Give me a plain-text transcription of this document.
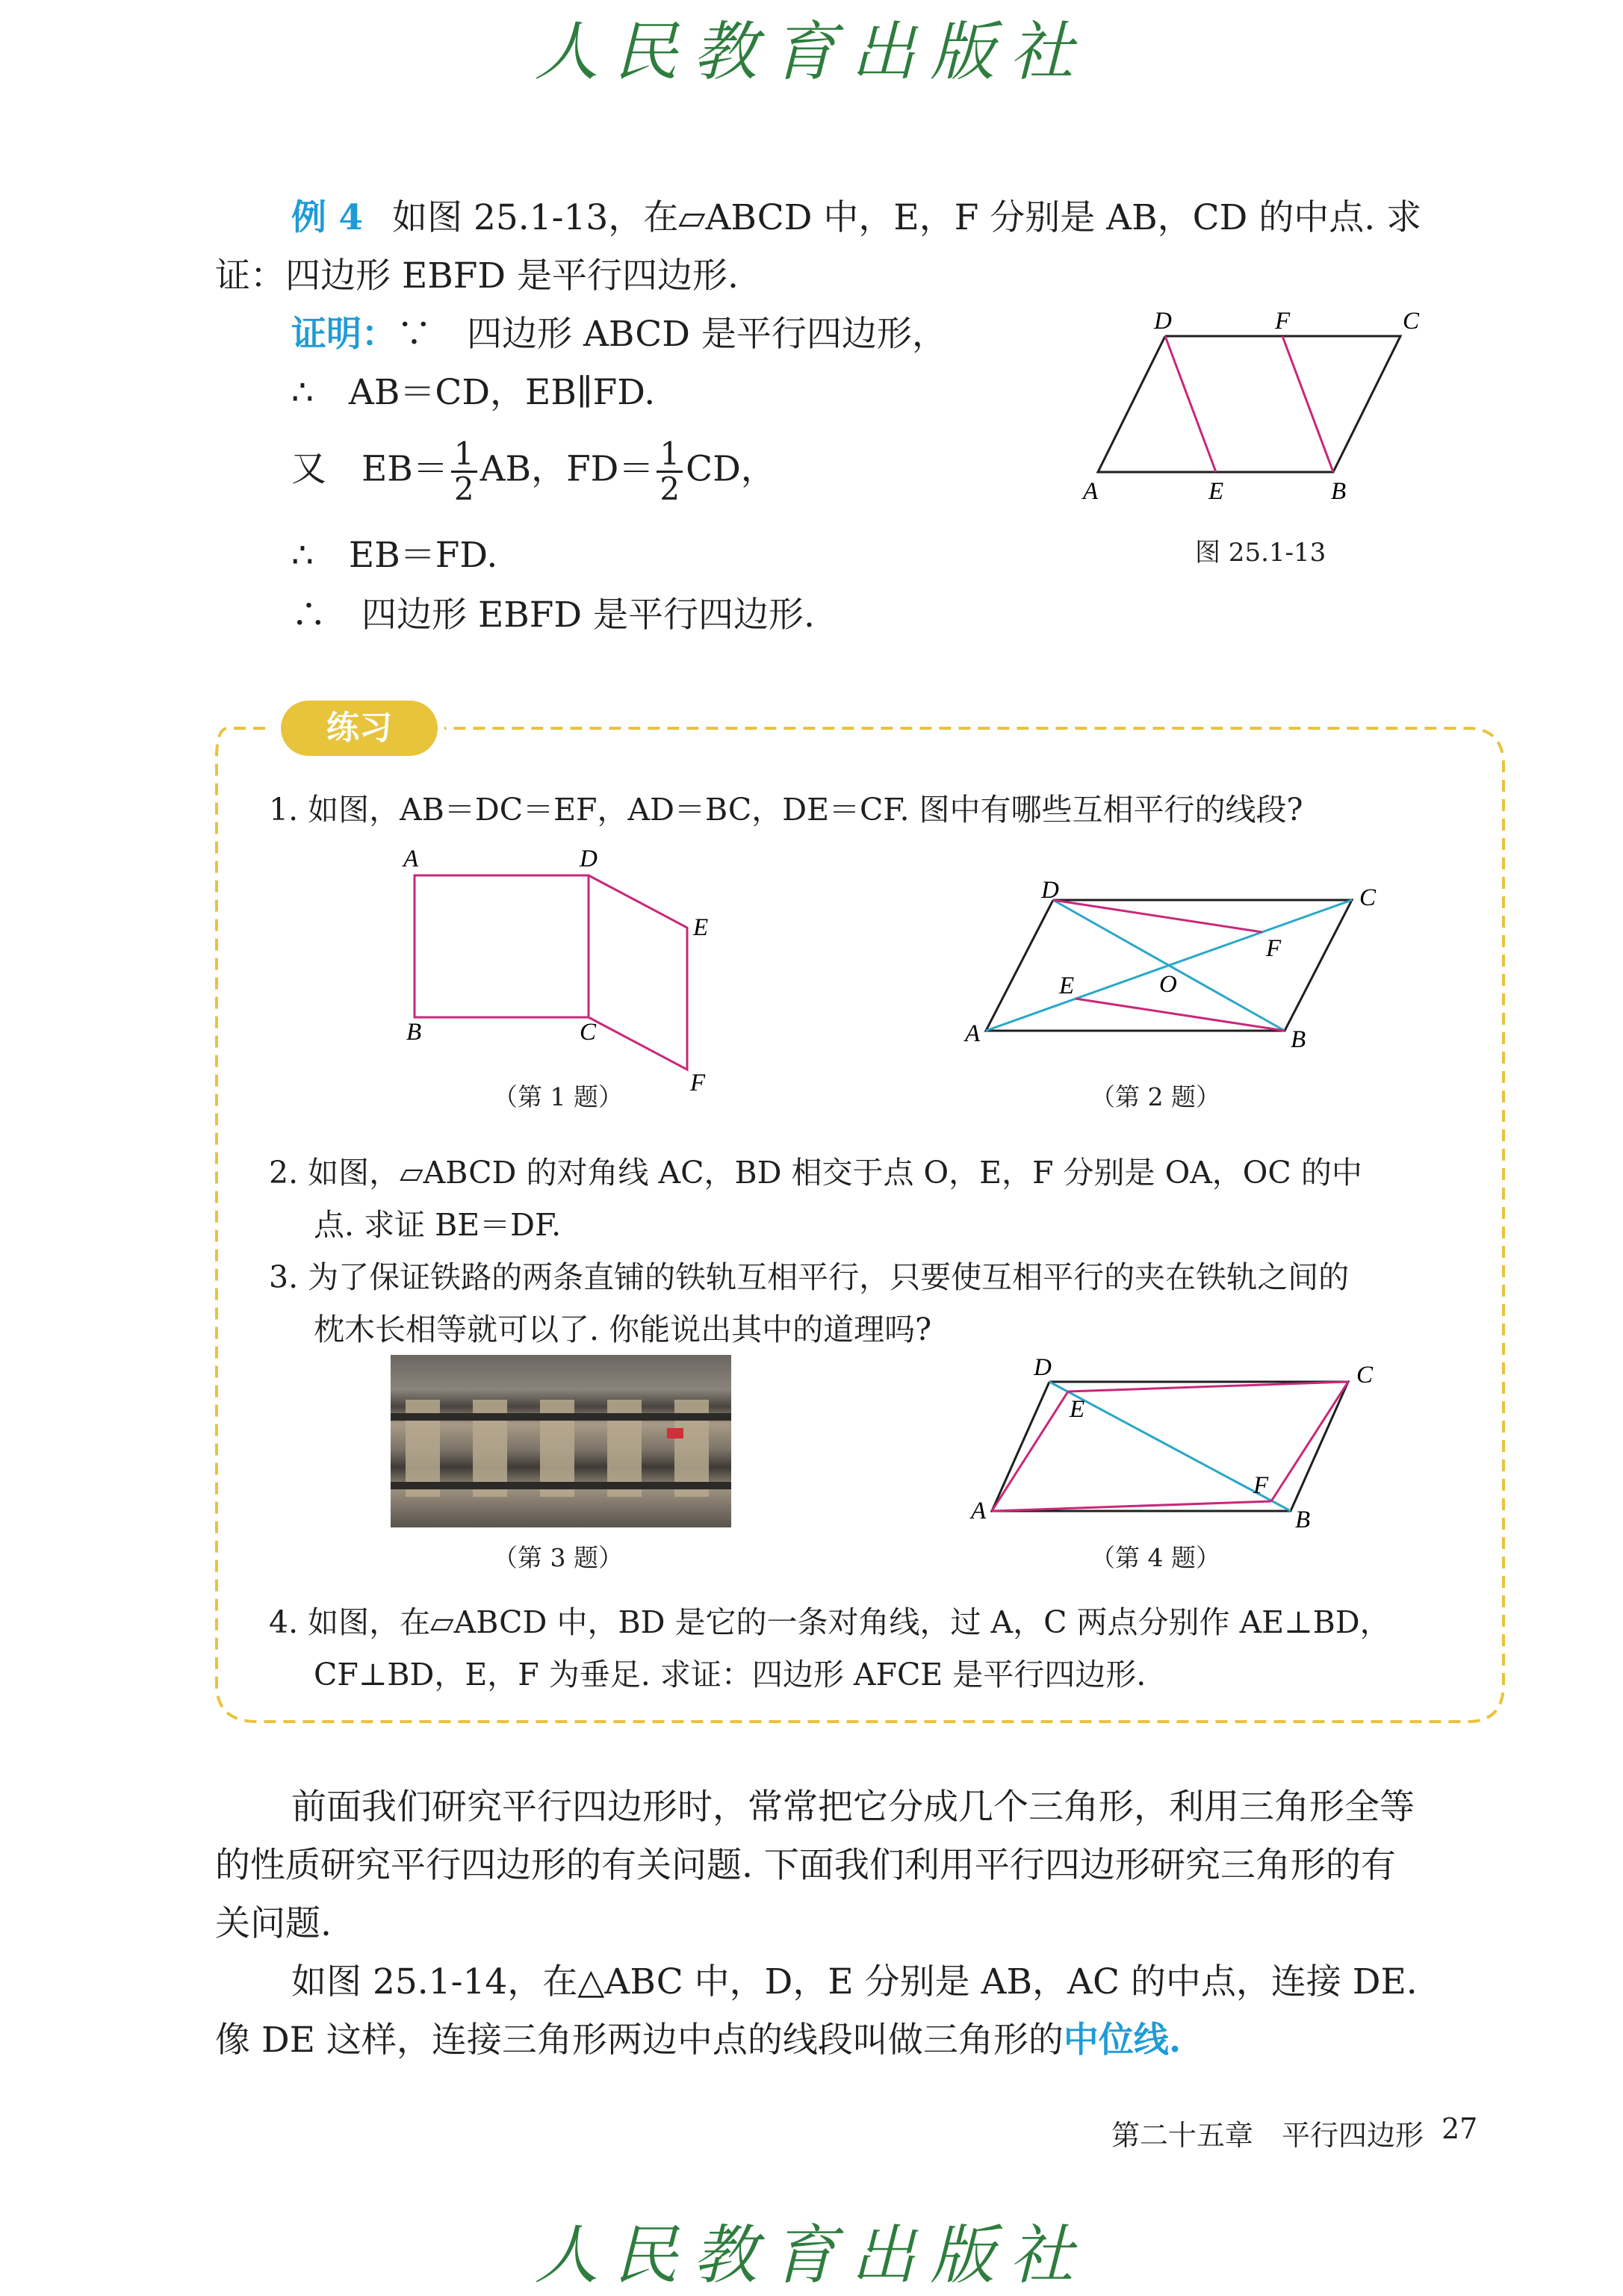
人民教育出版社
例 4 如图 25.1-13，在▱ABCD 中，E，F 分别是 AB，CD 的中点. 求
证：四边形 EBFD 是平行四边形.
证明：∵　四边形 ABCD 是平行四边形，
∴　AB＝CD，EB∥FD.
又　$EB= \frac{1}{2}$ AB，$FD= \frac{1}{2}$ CD，
∴　EB＝FD.
∴　四边形 EBFD 是平行四边形.
D	F	C
A	E	B
图 25.1-13
练习
1. 如图，AB＝DC＝EF，AD＝BC，DE＝CF. 图中有哪些互相平行的线段?
A	D
E
B	C
F
（第 1 题）
D	C
F
E	O
A	B
（第 2 题）
2. 如图，▱ABCD 的对角线 AC，BD 相交于点 O，E，F 分别是 OA，OC 的中
点. 求证 BE＝DF.
3. 为了保证铁路的两条直铺的铁轨互相平行，只要使互相平行的夹在铁轨之间的
枕木长相等就可以了. 你能说出其中的道理吗?
（第 3 题）
D	C
E
F
A	B
（第 4 题）
4. 如图，在▱ABCD 中，BD 是它的一条对角线，过 A，C 两点分别作 AE⊥BD，
CF⊥BD，E，F 为垂足. 求证：四边形 AFCE 是平行四边形.
前面我们研究平行四边形时，常常把它分成几个三角形，利用三角形全等
的性质研究平行四边形的有关问题. 下面我们利用平行四边形研究三角形的有
关问题.
如图 25.1-14，在△ABC 中，D，E 分别是 AB，AC 的中点，连接 DE.
像 DE 这样，连接三角形两边中点的线段叫做三角形的中位线.
第二十五章　平行四边形 27
人民教育出版社
